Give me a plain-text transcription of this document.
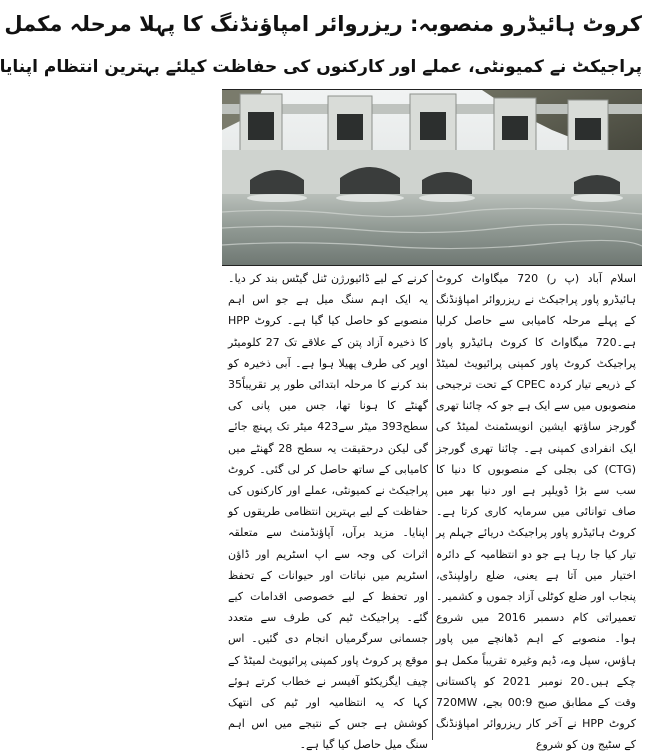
کروٹ ہائیڈرو منصوبہ: ریزروائر امپاؤنڈنگ کا پہلا مرحلہ مکمل
پراجیکٹ نے کمیونٹی، عملے اور کارکنوں کی حفاظت کیلئے بہترین انتظام اپنایا

اسلام آباد (پ ر) 720 میگاواٹ کروٹ ہائیڈرو پاور پراجیکٹ نے ریزروائر امپاؤنڈنگ کے پہلے مرحلہ کامیابی سے حاصل کرلیا ہے۔720 میگاواٹ کا کروٹ ہائیڈرو پاور پراجیکٹ کروٹ پاور کمپنی پرائیویٹ لمیٹڈ کے ذریعے تیار کردہ CPEC کے تحت ترجیحی منصوبوں میں سے ایک ہے جو کہ چائنا تھری گورجز ساؤتھ ایشین انویسٹمنٹ لمیٹڈ کی ایک انفرادی کمپنی ہے۔ چائنا تھری گورجز (CTG) کی بجلی کے منصوبوں کا دنیا کا سب سے بڑا ڈویلپر ہے اور دنیا بھر میں صاف توانائی میں سرمایہ کاری کرتا ہے۔ کروٹ ہائیڈرو پاور پراجیکٹ دریائے جہلم پر تیار کیا جا رہا ہے جو دو انتظامیہ کے دائرہ اختیار میں آتا ہے یعنی، ضلع راولپنڈی، پنجاب اور ضلع کوٹلی آزاد جموں و کشمیر۔ تعمیراتی کام دسمبر 2016 میں شروع ہوا۔ منصوبے کے اہم ڈھانچے میں پاور ہاؤس، سپل وے، ڈیم وغیرہ تقریباً مکمل ہو چکے ہیں۔20 نومبر 2021 کو پاکستانی وقت کے مطابق صبح 00:9 بجے، 720MW کروٹ HPP نے آخر کار ریزروائر امپاؤنڈنگ کے سٹیج ون کو شروع

کرنے کے لیے ڈائیورژن ٹنل گیٹس بند کر دیا۔ یہ ایک اہم سنگ میل ہے جو اس اہم منصوبے کو حاصل کیا گیا ہے۔ کروٹ HPP کا ذخیرہ آزاد پتن کے علاقے تک 27 کلومیٹر اوپر کی طرف پھیلا ہوا ہے۔ آبی ذخیرہ کو بند کرنے کا مرحلہ ابتدائی طور پر تقریباً35 گھنٹے کا ہونا تھا، جس میں پانی کی سطح393 میٹر سے423 میٹر تک پہنچ جائے گی لیکن درحقیقت یہ سطح 28 گھنٹے میں کامیابی کے ساتھ حاصل کر لی گئی۔ کروٹ پراجیکٹ نے کمیونٹی، عملے اور کارکنوں کی حفاظت کے لیے بہترین انتظامی طریقوں کو اپنایا۔ مزید برآں، آپاؤنڈمنٹ سے متعلقہ اثرات کی وجہ سے اپ اسٹریم اور ڈاؤن اسٹریم میں نباتات اور حیوانات کے تحفظ اور تحفظ کے لیے خصوصی اقدامات کیے گئے۔ پراجیکٹ ٹیم کی طرف سے متعدد جسمانی سرگرمیاں انجام دی گئیں۔ اس موقع پر کروٹ پاور کمپنی پرائیویٹ لمیٹڈ کے چیف ایگزیکٹو آفیسر نے خطاب کرتے ہوئے کہا کہ یہ انتظامیہ اور ٹیم کی انتھک کوشش ہے جس کے نتیجے میں اس اہم سنگ میل حاصل کیا گیا ہے۔
